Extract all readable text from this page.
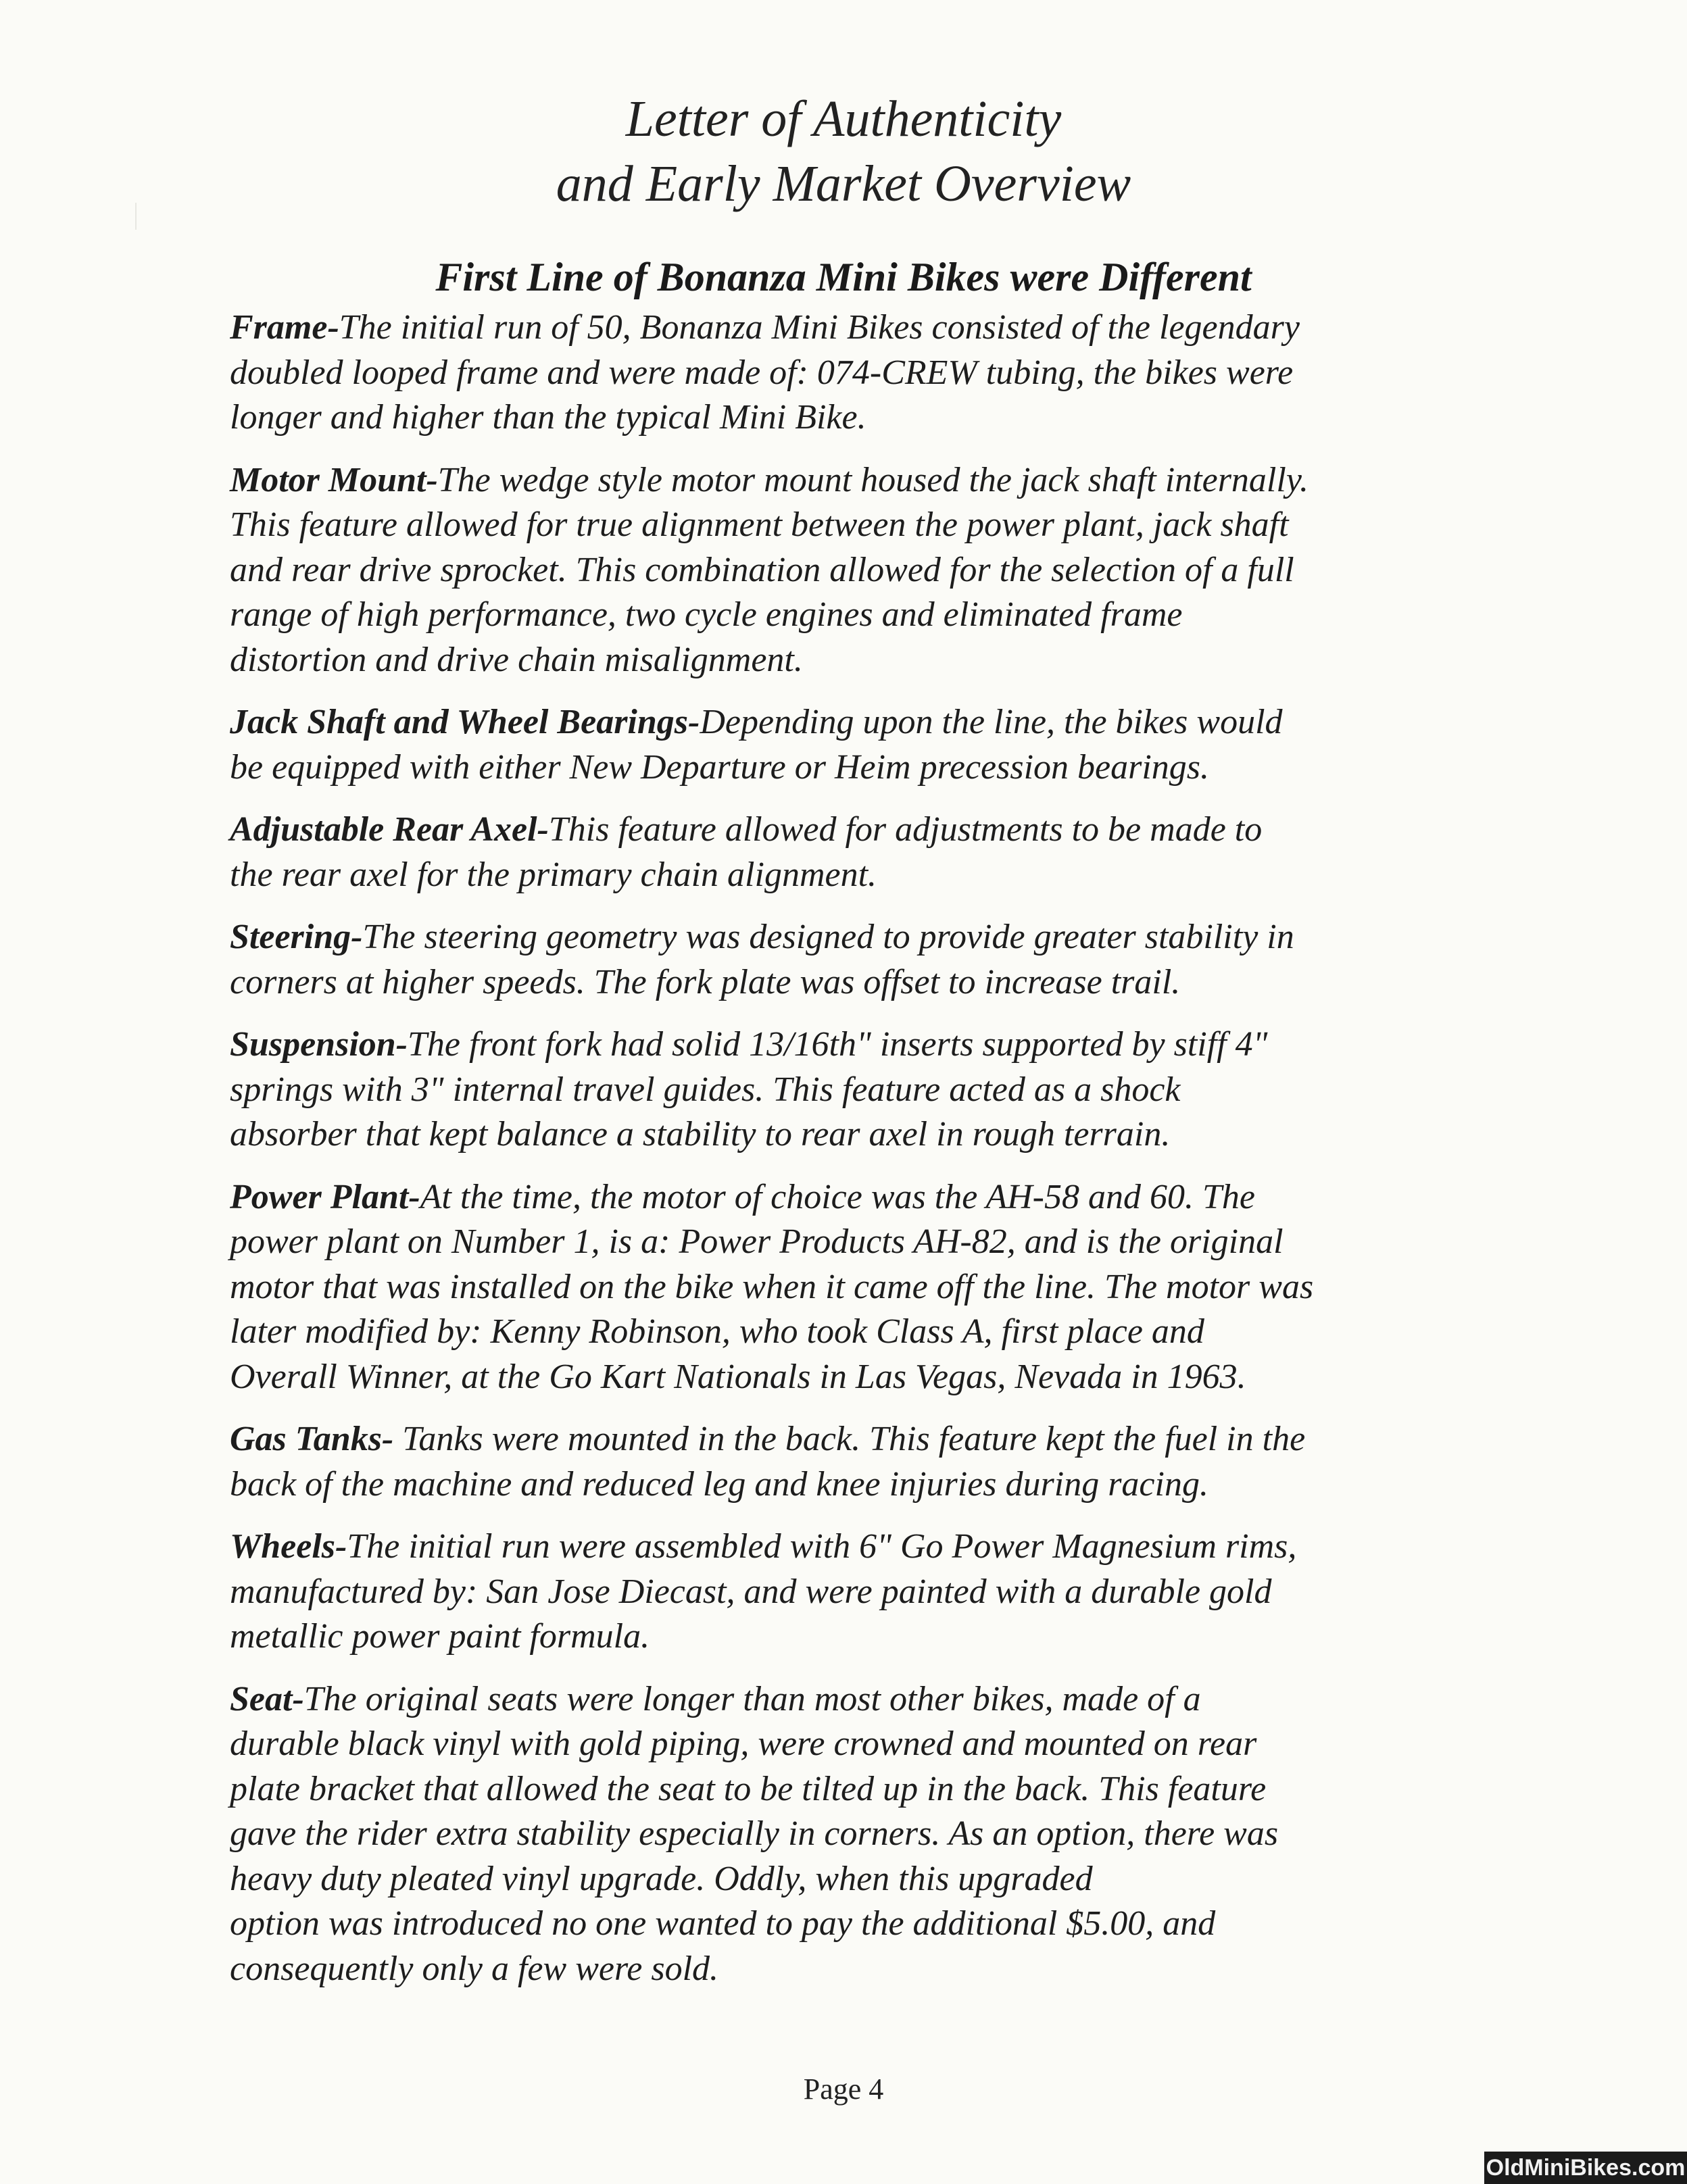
Letter of Authenticity
and Early Market Overview
First Line of Bonanza Mini Bikes were Different
Frame-The initial run of 50, Bonanza Mini Bikes consisted of the legendary
doubled looped frame and were made of: 074-CREW tubing, the bikes were
longer and higher than the typical Mini Bike.
Motor Mount-The wedge style motor mount housed the jack shaft internally.
This feature allowed for true alignment between the power plant, jack shaft
and rear drive sprocket. This combination allowed for the selection of a full
range of high performance, two cycle engines and eliminated frame
distortion and drive chain misalignment.
Jack Shaft and Wheel Bearings-Depending upon the line, the bikes would
be equipped with either New Departure or Heim precession bearings.
Adjustable Rear Axel-This feature allowed for adjustments to be made to
the rear axel for the primary chain alignment.
Steering-The steering geometry was designed to provide greater stability in
corners at higher speeds. The fork plate was offset to increase trail.
Suspension-The front fork had solid 13/16th" inserts supported by stiff 4"
springs with 3" internal travel guides. This feature acted as a shock
absorber that kept balance a stability to rear axel in rough terrain.
Power Plant-At the time, the motor of choice was the AH-58 and 60. The
power plant on Number 1, is a: Power Products AH-82, and is the original
motor that was installed on the bike when it came off the line. The motor was
later modified by: Kenny Robinson, who took Class A, first place and
Overall Winner, at the Go Kart Nationals in Las Vegas, Nevada in 1963.
Gas Tanks- Tanks were mounted in the back. This feature kept the fuel in the
back of the machine and reduced leg and knee injuries during racing.
Wheels-The initial run were assembled with 6" Go Power Magnesium rims,
manufactured by: San Jose Diecast, and were painted with a durable gold
metallic power paint formula.
Seat-The original seats were longer than most other bikes, made of a
durable black vinyl with gold piping, were crowned and mounted on rear
plate bracket that allowed the seat to be tilted up in the back. This feature
gave the rider extra stability especially in corners. As an option, there was
heavy duty pleated vinyl upgrade. Oddly, when this upgraded
option was introduced no one wanted to pay the additional $5.00, and
consequently only a few were sold.
Page 4
OldMiniBikes.com
